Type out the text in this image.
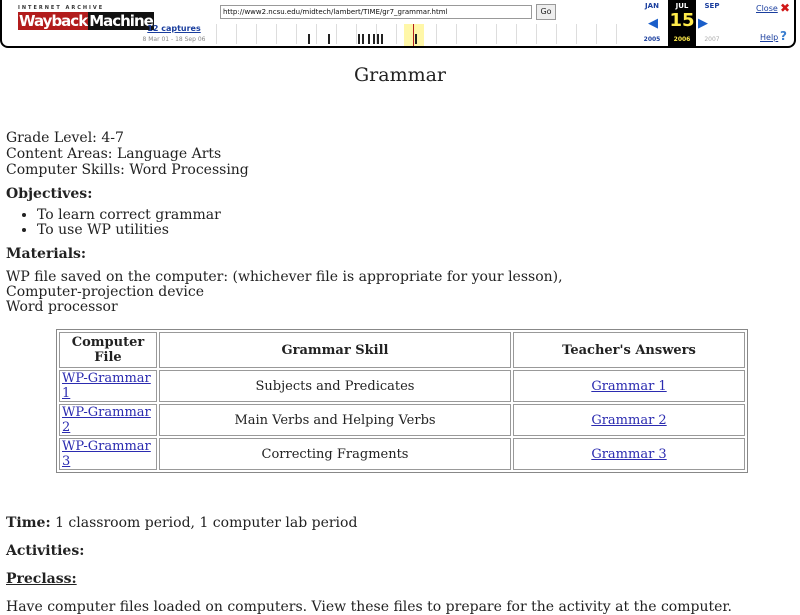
INTERNET ARCHIVE
Wayback Machine
12 captures
8 Mar 01 - 18 Sep 06
http://www2.ncsu.edu/midtech/lambert/TIME/gr7_grammar.html
Go
JAN
2005
◀
JUL
15
2006
▶
SEP
2007
Close ✖
Help ?
Grammar
Grade Level: 4-7
Content Areas: Language Arts
Computer Skills: Word Processing
Objectives:
• To learn correct grammar
• To use WP utilities
Materials:
WP file saved on the computer: (whichever file is appropriate for your lesson),
Computer-projection device
Word processor
Computer File	Grammar Skill	Teacher's Answers
WP-Grammar 1	Subjects and Predicates	Grammar 1
WP-Grammar 2	Main Verbs and Helping Verbs	Grammar 2
WP-Grammar 3	Correcting Fragments	Grammar 3
Time: 1 classroom period, 1 computer lab period
Activities:
Preclass:
Have computer files loaded on computers. View these files to prepare for the activity at the computer.
